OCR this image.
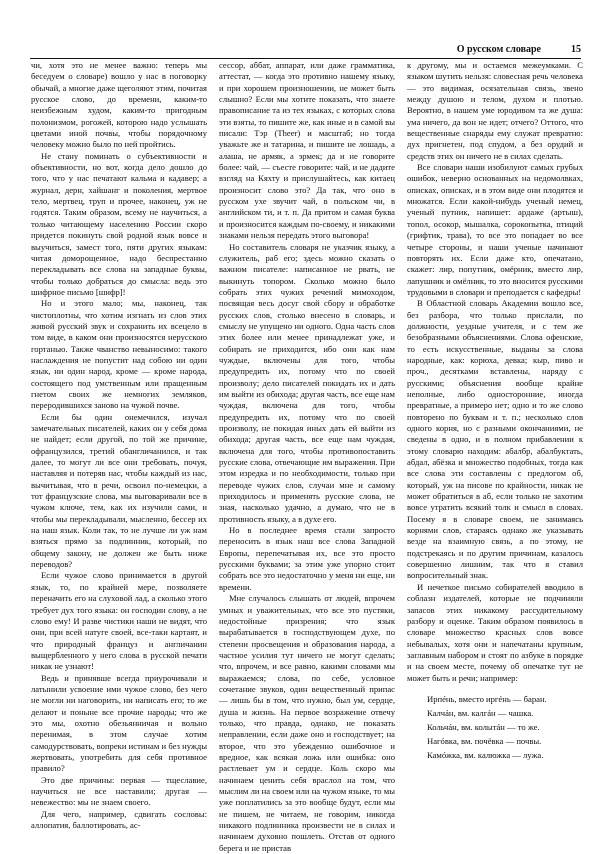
О русском словаре	15

чи, хотя это не менее важно: теперь мы беседуем о словаре) вошло у нас в поговорку обычай, а многие даже щеголяют этим, почитая русское слово, до времени, каким-то неизбежным худом, каким-то пригодным полонизмом, рогожей, которою надо услышать цветами иной почвы, чтобы порядочному человеку можно было по ней пройтись.

Не стану поминать о субъективности и объективности, но вот, когда дело дошло до того, что у нас печатают кальма и кадавер; а журнал, дерн, хайшанг и поколения, мертвое тело, мертвец, труп и прочее, наконец, уж не годятся. Таким образом, всему не научиться, а только читающему населению России скоро придется покинуть свой родной язык вовсе и выучиться, замест того, пяти других языкам: читая доморощенное, надо беспрестанно перекладывать все слова на западные буквы, чтобы только добраться до смысла: ведь это шифрное письмо [шифр]!

Но и этого мало; мы, наконец, так чистоплотны, что хотим изгнать из слов этих живой русский звук и сохранить их всецело в том виде, в каком они произносятся нерусскою гортанью. Также чванство невыносимо: такого наслаждения не попустит над собою ни один язык, ни один народ, кроме — кроме народа, состоящего под умственным или пращенным гнетом своих же немногих земляков, переродившихся заново на чужой почве.

Если бы один онемечился, изучал замечательных писателей, каких он у себя дома не найдет; если другой, по той же причине, офранцузился, третий обангличанился, и так далее, то могут ли все они требовать, почуя, наставляя и потеряв нас, чтобы каждый из нас, вычитывая, что в речи, освоил по-немецки, а тот французские слова, мы выговаривали все в чужом ключе, тем, как их изучили сами, и чтобы мы перекладывали, мысленно, бессер их на наш язык. Коли так, то не лучше ли уж нам взяться прямо за подлинник, который, по общему закону, не должен же быть ниже переводов?

Если чужое слово принимается в другой язык, то, по крайней мере, позволяете переначить его на слуховой лад, а сколько этого требует дух того языка: он господин слову, а не слово ему! И разве чистики наши не видят, что они, при всей натуге своей, все-таки картаят, и что природный француз и англичанин выщербленного у него слова в русской печати никак не узнают!

Ведь и принявше всегда приурочивали и латынили усвоение ими чужое слово, без чего не могли ни наговорить, ни написать его; то же делают и поныне все прочие народы; что же это мы, охотно обезьянничая и вольно перенимая, в этом случае хотим самодурствовать, вопреки истинам и без нужды жертвовать, употребить для себя противное правило?

Это две причины: первая — тщеславие, научиться не все наставили; другая — невежество: мы не знаем своего.

Для чего, например, сдвигать сословы: аллопатия, баллотировать, ас-

сессор, аббат, аппарат, или даже грамматика, аттестат, — когда это противно нашему языку, и при хорошем произношении, не может быть слышно? Если мы хотите показать, что знаете правописание та из тех языках, с которых слова эти взяты, то пишите же, как иные и в самой вы писали: Тэр (Theer) и масштаб; но тогда уважьте же и татарина, и пишите не лошадь, а алаша, не армяк, а эрмек; да и не говорите более: чай, — съесте говорите: чай, и не дадите взгляд на Кяхту и прислушайтесь, как китаец произносит слово это? Да так, что оно в русском ухе звучит чай, в польском чи, в английском ти, и т. п. Да притом и самая буква и произносится каждым по-своему, и никакими знаками нельзя передать этого выговора!

Но составитель словаря не указчик языку, а служитель, раб его; здесь можно сказать о важном писателе: написанное не рвать, не выкинуть топором. Сколько можно было собрать этих чужих речений мимоходом, посвящая весь досуг свой сбору и обработке русских слов, столько внесено в словарь, и смыслу не упущено ни одного. Одна часть слов этих более или менее принадлежат уже, и собирать не приходится, ибо они как нам чуждые, включены для того, чтобы предупредить их, потому что по своей произволу; дело писателей покидать их и дать им выйти из обихода; другая часть, все еще нам чуждая, включена для того, чтобы предупредить их, потому что по своей произволу, не покидая иных дать ей выйти из обихода; другая часть, все еще нам чуждая, включена для того, чтобы противопоставить русские слова, отвечающие им выражения. При этом изредка и по необходимости, только при переводе чужих слов, случаи мне и самому приходилось и применять русские слова, не зная, насколько удачно, а думаю, что не в противность языку, а в духе его.

Но в последнее время стали запросто переносить в язык наш все слова Западной Европы, перепечатывая их, все это просто русскими буквами; за этим уже упорно стоит собрать все это недостаточно у меня ни еще, ни времени.

Мне случалось слышать от людей, впрочем умных и уважительных, что все это пустяки, недостойные призрения; что язык вырабатывается в господствующем духе, по степени просвещения и образования народа, а частное усилия тут ничего не могут сделать; что, впрочем, и все равно, какими словами мы выражаемся; слова, по себе, условное сочетание звуков, один вещественный припас — лишь бы в том, что нужно, был ум, сердце, душа и жизнь. На первое возражение отвечу только, что правда, однако, не показать неправлении, если даже оно и господствует; на второе, что это убежденно ошибочное и вредное, как всякая ложь или ошибка: оно растлевает ум и сердце. Коль скоро мы начинаем ценить себя враслол на том, что мыслим ли на своем или на чужом языке, то мы уже поплатились за это вообще будут, если мы не пишем, не читаем, не говорим, никогда никакого подлинника произвести не в силах и начинаем духовно пошлеть. Отстав от одного берега и не пристав

к другому, мы и остаемся межеумками. С языком шутить нельзя: словесная речь человека — это видимая, осязательная связь, звено между душою и телом, духом и плотью. Вероятно, в нашем уме юродивом та же душа: ума ничего, да вон не идет; отчего? Оттого, что вещественные снаряды ему служат превратно: дух пригнетен, под спудом, а без орудий и средств этих он ничего не в силах сделать.

Все словари наши изобилуют самых грубых ошибок, неверно основанных на недомолвках, описках, описках, и в этом виде они плодятся и множатся. Если какой-нибудь ученый немец, ученый путник, напишет: ардаже (артыш), топол, осокор, мышалка, сорокопытка, птиций (грифтик, трава), то все это попадает во все четыре стороны, и наши ученые начинают повторять их. Если даже кто, опечатано, скажет: лир, попутник, омёрник, вместо лир, лапушник и омёлник, то это вносится русскими трудовыми в словари и преподается с кафедры!

В Областной словарь Академии вошло все, без разбора, что только прислали, по должности, уездные учителя, и с тем же безобразными объяснениями. Слова офенские, то есть искусственные, выданы за слова народные, как: корюха, девка; кыр, пиво и проч., десятками вставлены, наряду с русскими; объяснения вообще крайне неполные, либо односторонние, иногда превратные, а примеро нет; одно и то же слово повторено по буквам и т. п.; несколько слов одного корня, но с разными окончаниями, не сведены в одно, и в полном прибавлении к этому словарю находим: абалбр, абалбуктать, абдал, абёзка и множество подобных, тогда как все слова эти составлены с предлогом об, который, уж на писове по крайности, никак не может обратиться в аб, если только не захотим вовсе утратить всякий толк и смысл в словах. Посему я в словаре своем, не занимаясь корнями слов, стараясь однако же указывать везде на взаимную связь, а по этому, не подстрекаясь и по другим причинам, казалось совершенно лишним, так что я ставил вопросительный знак.

И нечеткое письмо собирателей вводило в соблазн издателей, которые не подчиняли запасов этих никакому рассудительному разбору и оценке. Таким образом появилось в словаре множество красных слов вовсе небывалых, хотя они и напечатаны крупным, заглавным набором и стоят по азбуке в порядке и на своем месте, почему об опечатке тут не может быть и речи; например:

Ирпéнь, вместо иргéнь — баран.
Калчáн, вм. калгáн — чашка.
Кольчáн, вм. колытáн — то же.
Нагóвка, вм. почёвка — почвы.
Камóжка, вм. калюжка — лужа.
